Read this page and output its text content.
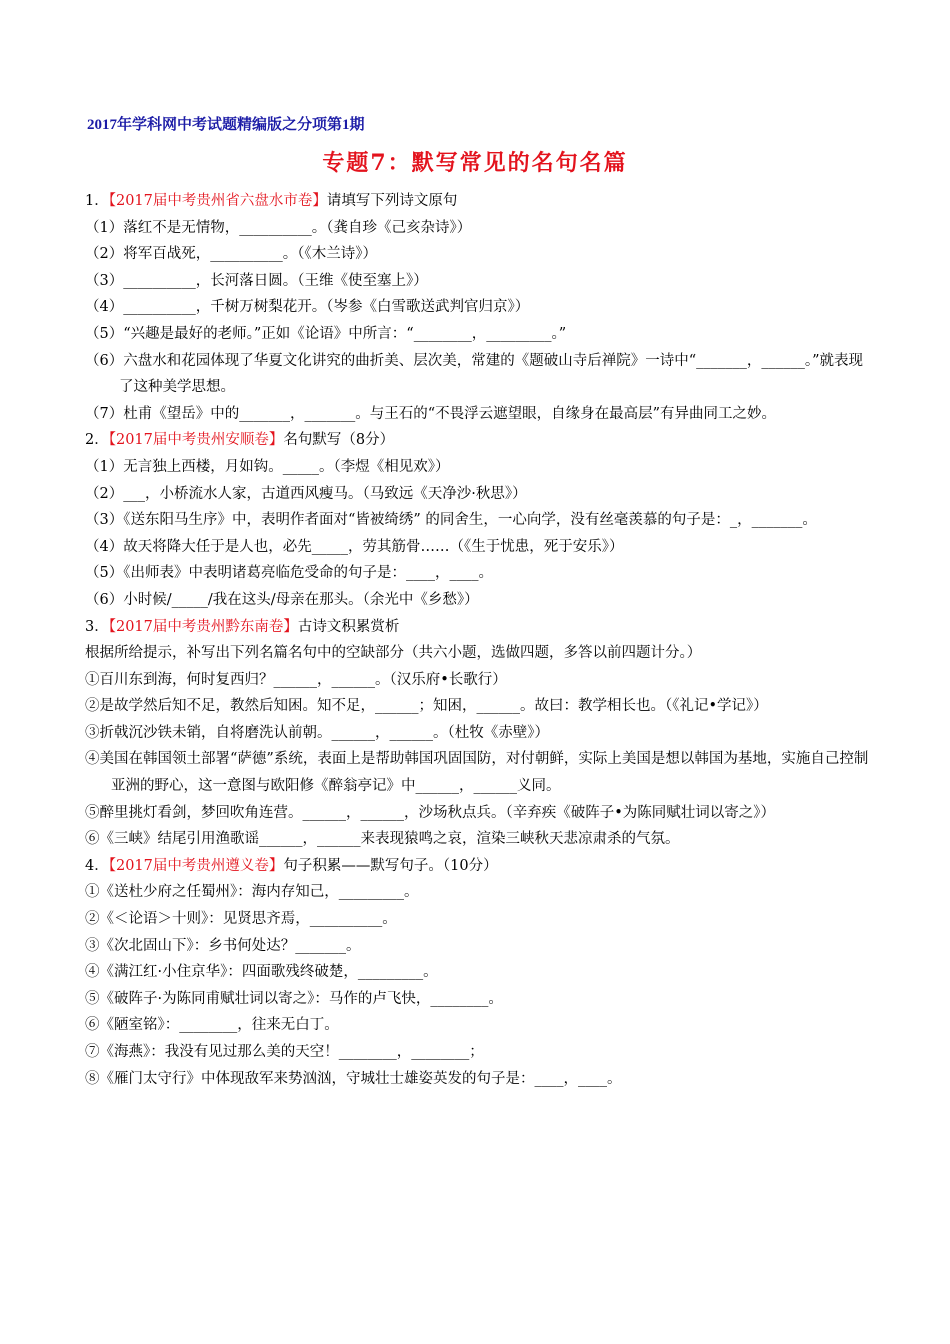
2017年学科网中考试题精编版之分项第1期
专题7：默写常见的名句名篇
1．【2017届中考贵州省六盘水市卷】请填写下列诗文原句
（1）落红不是无情物，__________。（龚自珍《己亥杂诗》）
（2）将军百战死，__________。（《木兰诗》）
（3）__________，长河落日圆。（王维《使至塞上》）
（4）__________，千树万树梨花开。（岑参《白雪歌送武判官归京》）
（5）“兴趣是最好的老师。”正如《论语》中所言：“________，_________。”
（6）六盘水和花园体现了华夏文化讲究的曲折美、层次美，常建的《题破山寺后禅院》一诗中“_______，______。”就表现了这种美学思想。
（7）杜甫《望岳》中的_______，_______。与王石的“不畏浮云遮望眼，自缘身在最高层”有异曲同工之妙。
2．【2017届中考贵州安顺卷】名句默写（8分）
（1）无言独上西楼，月如钩。_____。（李煜《相见欢》）
（2）___，小桥流水人家，古道西风瘦马。（马致远《天净沙·秋思》）
（3）《送东阳马生序》中，表明作者面对“皆被绮绣” 的同舍生，一心向学，没有丝毫羡慕的句子是：_，_______。
（4）故天将降大任于是人也，必先_____，劳其筋骨……（《生于忧患，死于安乐》）
（5）《出师表》中表明诸葛亮临危受命的句子是：____，____。
（6）小时候/_____/我在这头/母亲在那头。（余光中《乡愁》）
3．【2017届中考贵州黔东南卷】古诗文积累赏析
根据所给提示，补写出下列名篇名句中的空缺部分（共六小题，选做四题，多答以前四题计分。）
①百川东到海，何时复西归？______，______。（汉乐府•长歌行）
②是故学然后知不足，教然后知困。知不足，______；知困，______。故曰：教学相长也。（《礼记•学记》）
③折戟沉沙铁未销，自将磨洗认前朝。______，______。（杜牧《赤壁》）
④美国在韩国领土部署“萨德”系统，表面上是帮助韩国巩固国防，对付朝鲜，实际上美国是想以韩国为基地，实施自己控制亚洲的野心，这一意图与欧阳修《醉翁亭记》中______，______义同。
⑤醉里挑灯看剑，梦回吹角连营。______，______，沙场秋点兵。（辛弃疾《破阵子•为陈同赋壮词以寄之》）
⑥《三峡》结尾引用渔歌谣______，______来表现猿鸣之哀，渲染三峡秋天悲凉肃杀的气氛。
4．【2017届中考贵州遵义卷】句子积累——默写句子。（10分）
①《送杜少府之任蜀州》：海内存知己，_________。
②《＜论语＞十则》：见贤思齐焉，__________。
③《次北固山下》：乡书何处达？_______。
④《满江红·小住京华》：四面歌残终破楚，_________。
⑤《破阵子·为陈同甫赋壮词以寄之》：马作的卢飞快，________。
⑥《陋室铭》：________，往来无白丁。
⑦《海燕》：我没有见过那么美的天空！________，________；
⑧《雁门太守行》中体现敌军来势汹汹，守城壮士雄姿英发的句子是：____，____。
